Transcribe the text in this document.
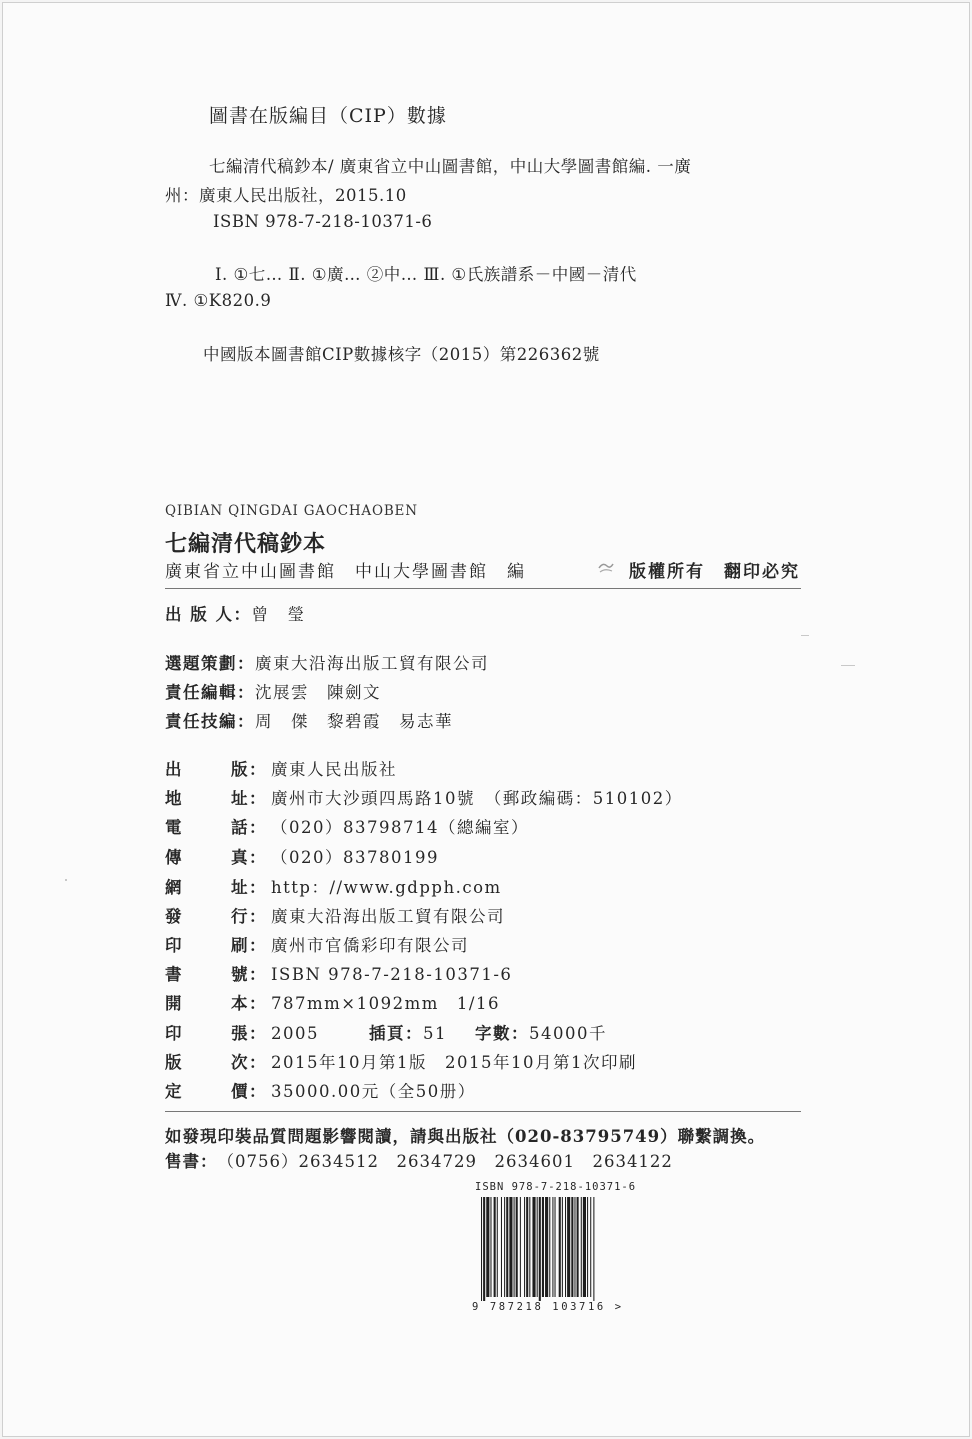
圖書在版編目（CIP）數據
七編清代稿鈔本/ 廣東省立中山圖書館，中山大學圖書館編. 一廣
州：廣東人民出版社，2015.10
ISBN 978-7-218-10371-6
Ⅰ. ①七… Ⅱ. ①廣… ②中… Ⅲ. ①氏族譜系－中國－清代
Ⅳ. ①K820.9
中國版本圖書館CIP數據核字（2015）第226362號
QIBIAN QINGDAI GAOCHAOBEN
七編清代稿鈔本
廣東省立中山圖書館　中山大學圖書館　編	版權所有　翻印必究
出 版 人：曾　瑩
選題策劃：廣東大沿海出版工貿有限公司
責任編輯：沈展雲　陳劍文
責任技編：周　傑　黎碧霞　易志華
出	版： 廣東人民出版社
地	址： 廣州市大沙頭四馬路10號　（郵政編碼：510102）
電	話： （020）83798714（總編室）
傳	真： （020）83780199
網	址： http：//www.gdpph.com
發	行： 廣東大沿海出版工貿有限公司
印	刷： 廣州市官僑彩印有限公司
書	號： ISBN 978-7-218-10371-6
開	本： 787mm×1092mm　1/16
印	張： 2005	插頁：51 字數：54000千
版	次： 2015年10月第1版　2015年10月第1次印刷
定	價： 35000.00元（全50册）
如發現印裝品質問題影響閱讀，請與出版社（020-83795749）聯繫調換。
售書：（0756）2634512　2634729　2634601　2634122
ISBN 978-7-218-10371-6
9 787218 103716 >
